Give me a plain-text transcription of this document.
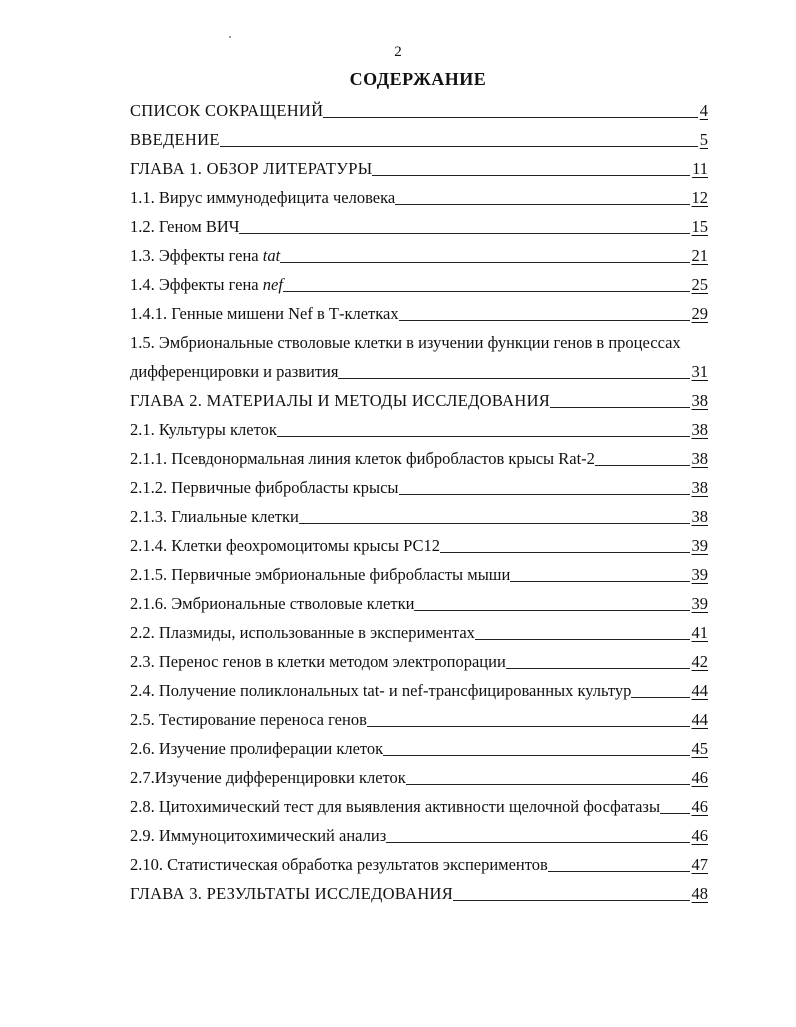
2
СОДЕРЖАНИЕ
СПИСОК СОКРАЩЕНИЙ	4
ВВЕДЕНИЕ	5
ГЛАВА 1. ОБЗОР ЛИТЕРАТУРЫ	11
1.1. Вирус иммунодефицита человека	12
1.2. Геном ВИЧ	15
1.3. Эффекты гена tat	21
1.4. Эффекты гена nef	25
1.4.1. Генные мишени Nef в Т-клетках	29
1.5. Эмбриональные стволовые клетки в изучении функции генов в процессах
дифференцировки и развития	31
ГЛАВА 2. МАТЕРИАЛЫ И МЕТОДЫ ИССЛЕДОВАНИЯ	38
2.1. Культуры клеток	38
2.1.1. Псевдонормальная линия клеток фибробластов крысы Rat-2	38
2.1.2. Первичные фибробласты крысы	38
2.1.3. Глиальные клетки	38
2.1.4. Клетки феохромоцитомы крысы РС12	39
2.1.5. Первичные эмбриональные фибробласты мыши	39
2.1.6. Эмбриональные стволовые клетки	39
2.2. Плазмиды, использованные в экспериментах	41
2.3. Перенос генов в клетки методом электропорации	42
2.4. Получение поликлональных tat- и nef-трансфицированных культур	44
2.5. Тестирование переноса генов	44
2.6. Изучение пролиферации клеток	45
2.7.Изучение дифференцировки клеток	46
2.8. Цитохимический тест для выявления активности щелочной фосфатазы 46
2.9. Иммуноцитохимический анализ	46
2.10. Статистическая обработка результатов экспериментов	47
ГЛАВА 3. РЕЗУЛЬТАТЫ ИССЛЕДОВАНИЯ	48
